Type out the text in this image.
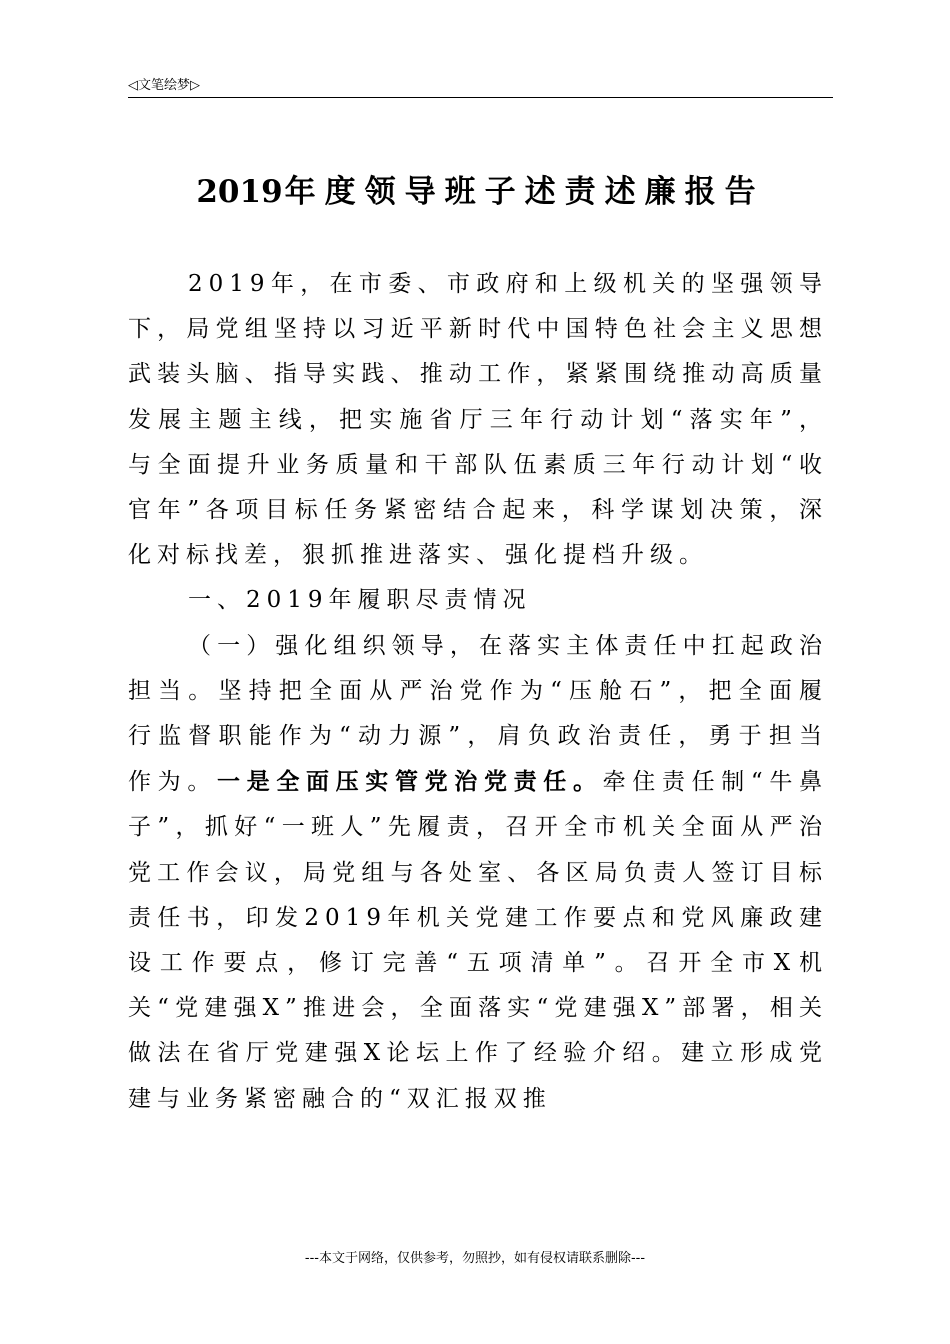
◁文笔绘梦▷
2019年度领导班子述责述廉报告

2019年，在市委、市政府和上级机关的坚强领导下，局党组坚持以习近平新时代中国特色社会主义思想武装头脑、指导实践、推动工作，紧紧围绕推动高质量发展主题主线，把实施省厅三年行动计划“落实年”，与全面提升业务质量和干部队伍素质三年行动计划“收官年”各项目标任务紧密结合起来，科学谋划决策，深化对标找差，狠抓推进落实、强化提档升级。

一、2019年履职尽责情况

（一）强化组织领导，在落实主体责任中扛起政治担当。坚持把全面从严治党作为“压舱石”，把全面履行监督职能作为“动力源”，肩负政治责任，勇于担当作为。一是全面压实管党治党责任。牵住责任制“牛鼻子”，抓好“一班人”先履责，召开全市机关全面从严治党工作会议，局党组与各处室、各区局负责人签订目标责任书，印发2019年机关党建工作要点和党风廉政建设工作要点，修订完善“五项清单”。召开全市X机关“党建强X”推进会，全面落实“党建强X”部署，相关做法在省厅党建强X论坛上作了经验介绍。建立形成党建与业务紧密融合的“双汇报双推

---本文于网络，仅供参考，勿照抄，如有侵权请联系删除---
